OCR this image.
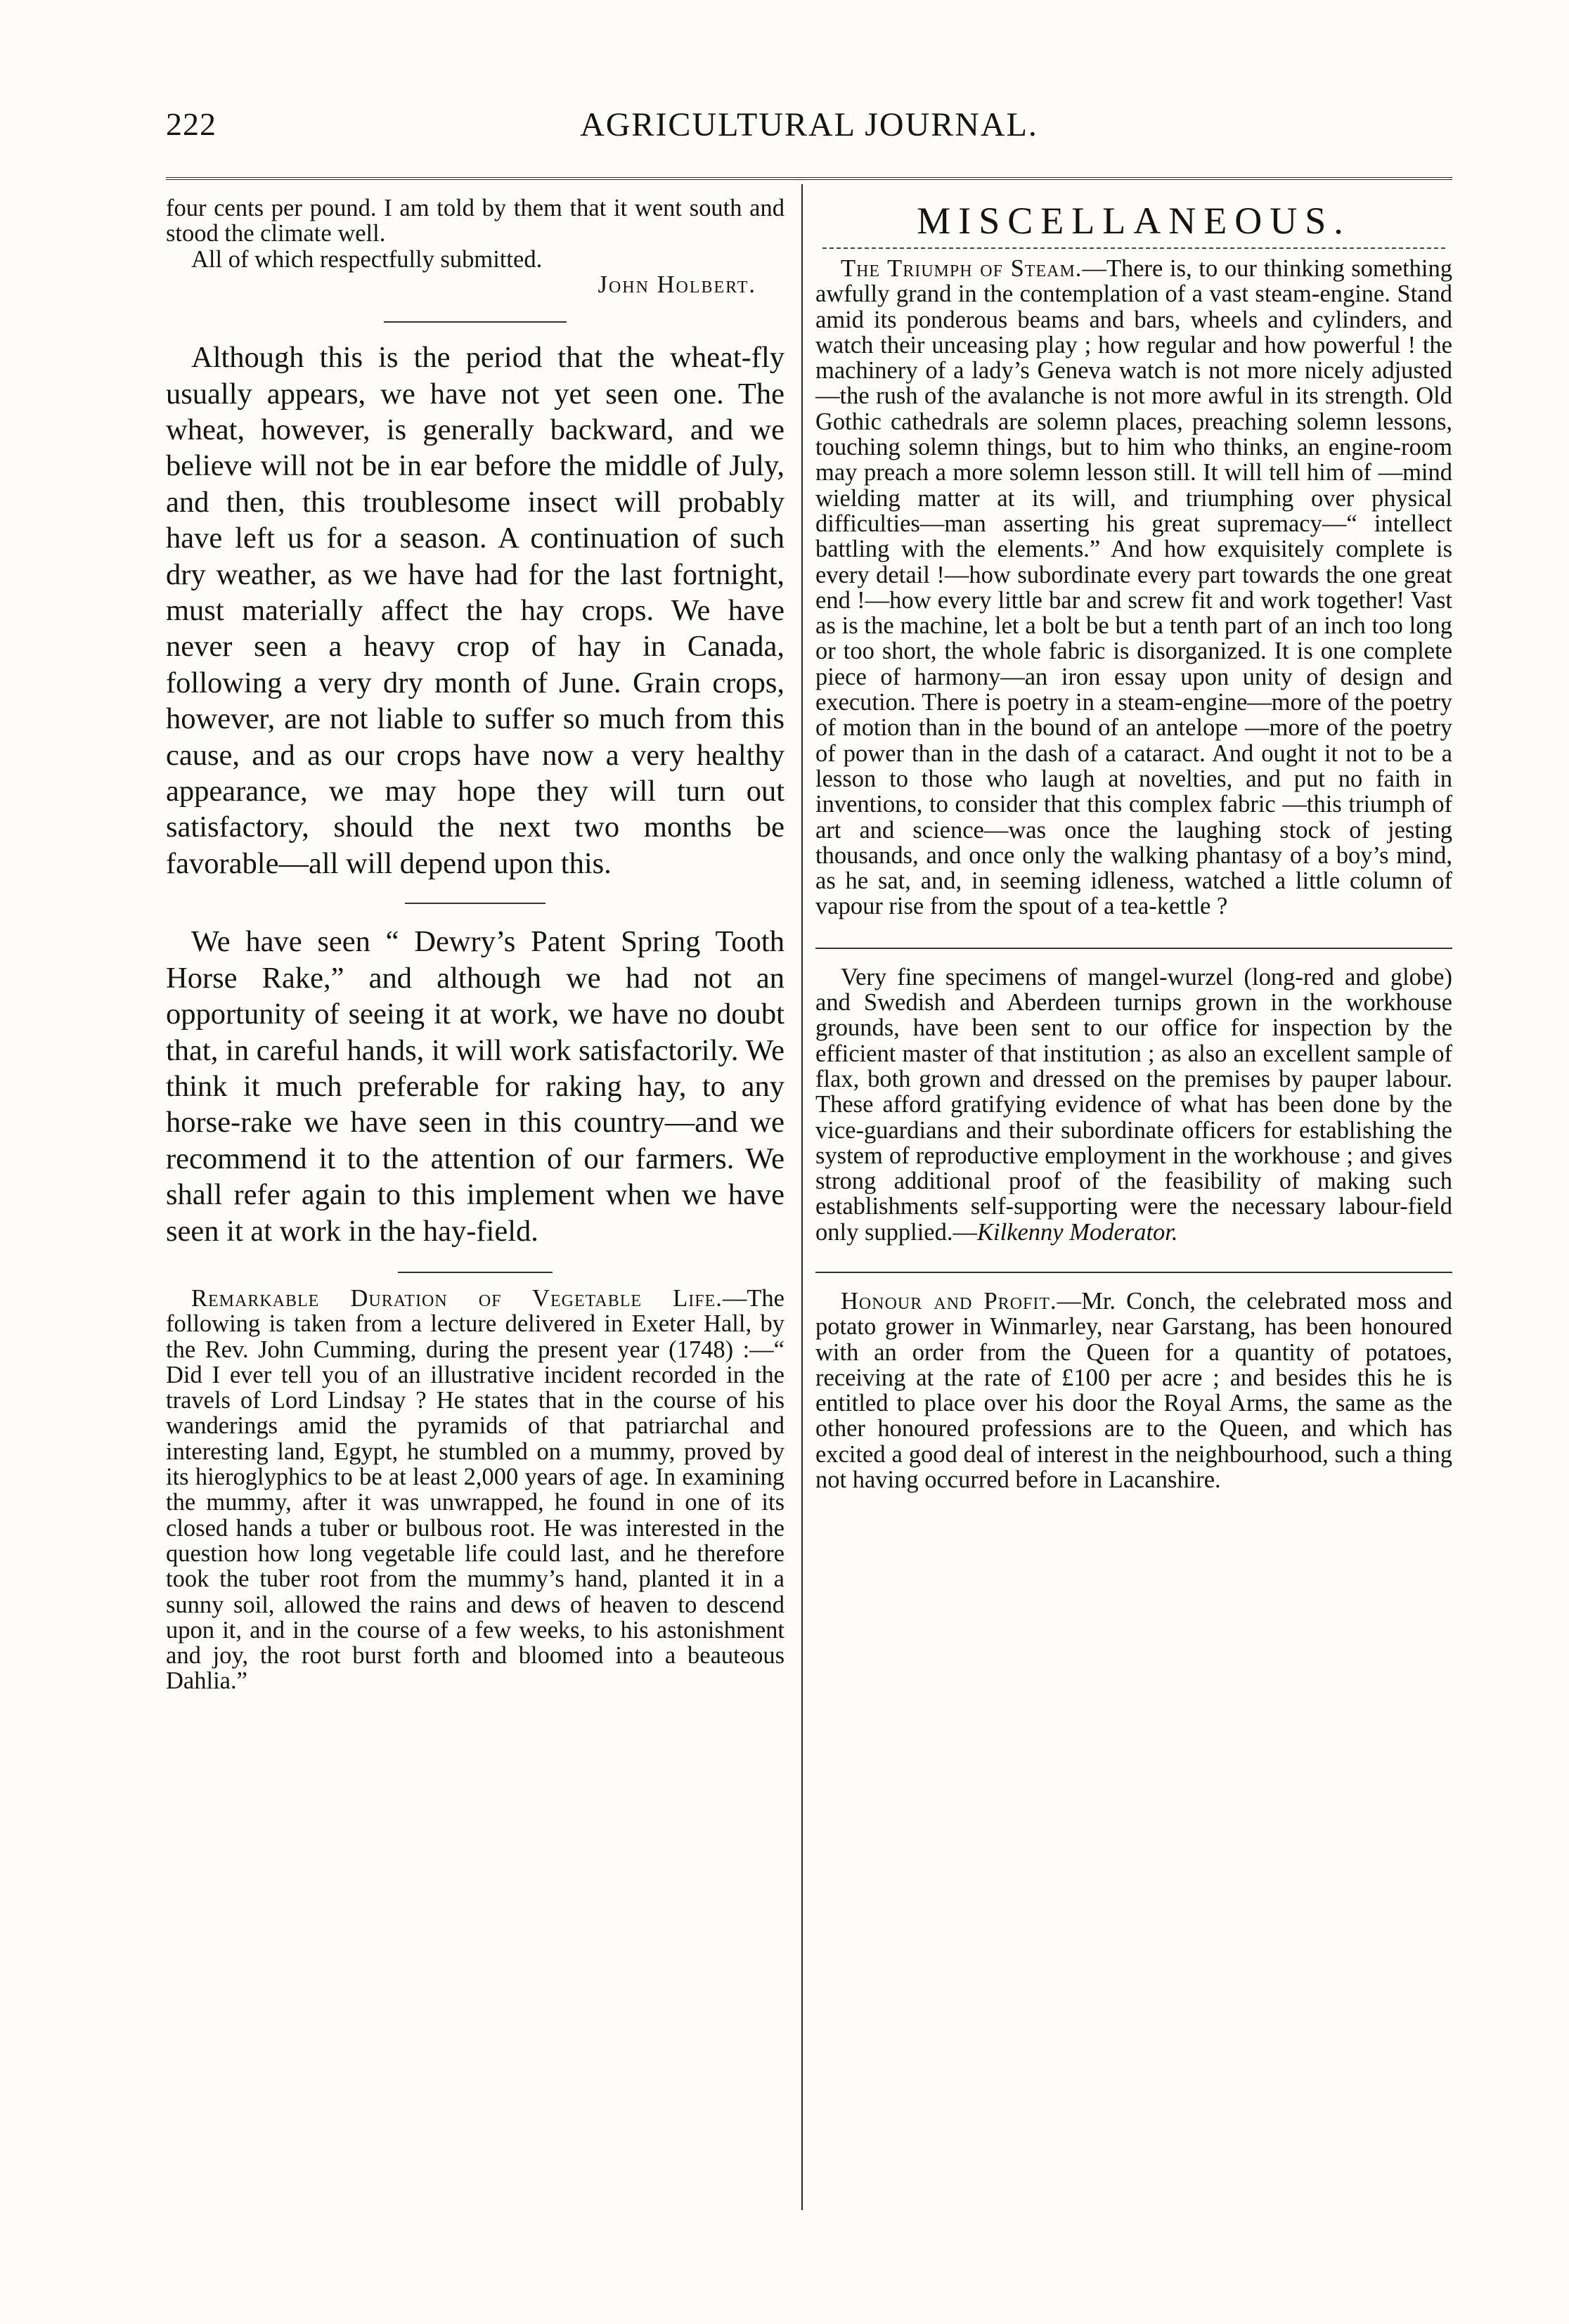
222	AGRICULTURAL JOURNAL.

four cents per pound. I am told by them that it went south and stood the climate well.

All of which respectfully submitted.

John Holbert.

Although this is the period that the wheat-fly usually appears, we have not yet seen one. The wheat, however, is generally backward, and we believe will not be in ear before the middle of July, and then, this troublesome insect will probably have left us for a season. A continuation of such dry weather, as we have had for the last fortnight, must materially affect the hay crops. We have never seen a heavy crop of hay in Canada, following a very dry month of June. Grain crops, however, are not liable to suffer so much from this cause, and as our crops have now a very healthy appearance, we may hope they will turn out satisfactory, should the next two months be favorable—all will depend upon this.

We have seen “ Dewry’s Patent Spring Tooth Horse Rake,” and although we had not an opportunity of seeing it at work, we have no doubt that, in careful hands, it will work satisfactorily. We think it much preferable for raking hay, to any horse-rake we have seen in this country—and we recommend it to the attention of our farmers. We shall refer again to this implement when we have seen it at work in the hay-field.

Remarkable Duration of Vegetable Life.—The following is taken from a lecture delivered in Exeter Hall, by the Rev. John Cumming, during the present year (1748) :—“ Did I ever tell you of an illustrative incident recorded in the travels of Lord Lindsay ? He states that in the course of his wanderings amid the pyramids of that patriarchal and interesting land, Egypt, he stumbled on a mummy, proved by its hieroglyphics to be at least 2,000 years of age. In examining the mummy, after it was unwrapped, he found in one of its closed hands a tuber or bulbous root. He was interested in the question how long vegetable life could last, and he therefore took the tuber root from the mummy’s hand, planted it in a sunny soil, allowed the rains and dews of heaven to descend upon it, and in the course of a few weeks, to his astonishment and joy, the root burst forth and bloomed into a beauteous Dahlia.”

MISCELLANEOUS.

The Triumph of Steam.—There is, to our thinking something awfully grand in the contemplation of a vast steam-engine. Stand amid its ponderous beams and bars, wheels and cylinders, and watch their unceasing play ; how regular and how powerful ! the machinery of a lady’s Geneva watch is not more nicely adjusted—the rush of the avalanche is not more awful in its strength. Old Gothic cathedrals are solemn places, preaching solemn lessons, touching solemn things, but to him who thinks, an engine-room may preach a more solemn lesson still. It will tell him of —mind wielding matter at its will, and triumphing over physical difficulties—man asserting his great supremacy—“ intellect battling with the elements.” And how exquisitely complete is every detail !—how subordinate every part towards the one great end !—how every little bar and screw fit and work together! Vast as is the machine, let a bolt be but a tenth part of an inch too long or too short, the whole fabric is disorganized. It is one complete piece of harmony—an iron essay upon unity of design and execution. There is poetry in a steam-engine—more of the poetry of motion than in the bound of an antelope —more of the poetry of power than in the dash of a cataract. And ought it not to be a lesson to those who laugh at novelties, and put no faith in inventions, to consider that this complex fabric —this triumph of art and science—was once the laughing stock of jesting thousands, and once only the walking phantasy of a boy’s mind, as he sat, and, in seeming idleness, watched a little column of vapour rise from the spout of a tea-kettle ?

Very fine specimens of mangel-wurzel (long-red and globe) and Swedish and Aberdeen turnips grown in the workhouse grounds, have been sent to our office for inspection by the efficient master of that institution ; as also an excellent sample of flax, both grown and dressed on the premises by pauper labour. These afford gratifying evidence of what has been done by the vice-guardians and their subordinate officers for establishing the system of reproductive employment in the workhouse ; and gives strong additional proof of the feasibility of making such establishments self-supporting were the necessary labour-field only supplied.—Kilkenny Moderator.

Honour and Profit.—Mr. Conch, the celebrated moss and potato grower in Winmarley, near Garstang, has been honoured with an order from the Queen for a quantity of potatoes, receiving at the rate of £100 per acre ; and besides this he is entitled to place over his door the Royal Arms, the same as the other honoured professions are to the Queen, and which has excited a good deal of interest in the neighbourhood, such a thing not having occurred before in Lacanshire.
